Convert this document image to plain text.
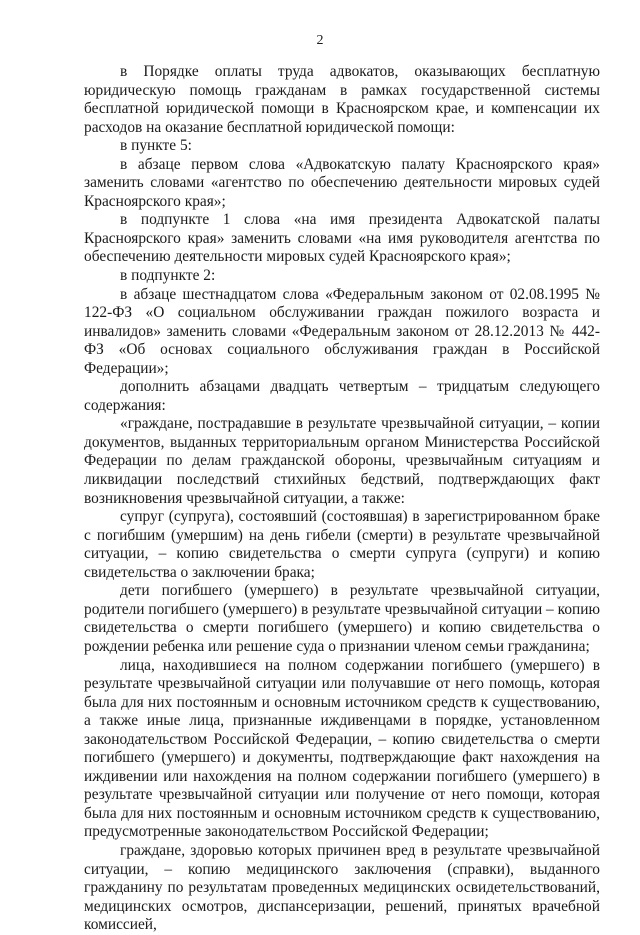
2

в Порядке оплаты труда адвокатов, оказывающих бесплатную юридическую помощь гражданам в рамках государственной системы бесплатной юридической помощи в Красноярском крае, и компенсации их расходов на оказание бесплатной юридической помощи:

в пункте 5:

в абзаце первом слова «Адвокатскую палату Красноярского края» заменить словами «агентство по обеспечению деятельности мировых судей Красноярского края»;

в подпункте 1 слова «на имя президента Адвокатской палаты Красноярского края» заменить словами «на имя руководителя агентства по обеспечению деятельности мировых судей Красноярского края»;

в подпункте 2:

в абзаце шестнадцатом слова «Федеральным законом от 02.08.1995 № 122-ФЗ «О социальном обслуживании граждан пожилого возраста и инвалидов» заменить словами «Федеральным законом от 28.12.2013 № 442-ФЗ «Об основах социального обслуживания граждан в Российской Федерации»;

дополнить абзацами двадцать четвертым – тридцатым следующего содержания:

«граждане, пострадавшие в результате чрезвычайной ситуации, – копии документов, выданных территориальным органом Министерства Российской Федерации по делам гражданской обороны, чрезвычайным ситуациям и ликвидации последствий стихийных бедствий, подтверждающих факт возникновения чрезвычайной ситуации, а также:

супруг (супруга), состоявший (состоявшая) в зарегистрированном браке с погибшим (умершим) на день гибели (смерти) в результате чрезвычайной ситуации, – копию свидетельства о смерти супруга (супруги) и копию свидетельства о заключении брака;

дети погибшего (умершего) в результате чрезвычайной ситуации, родители погибшего (умершего) в результате чрезвычайной ситуации – копию свидетельства о смерти погибшего (умершего) и копию свидетельства о рождении ребенка или решение суда о признании членом семьи гражданина;

лица, находившиеся на полном содержании погибшего (умершего) в результате чрезвычайной ситуации или получавшие от него помощь, которая была для них постоянным и основным источником средств к существованию, а также иные лица, признанные иждивенцами в порядке, установленном законодательством Российской Федерации, – копию свидетельства о смерти погибшего (умершего) и документы, подтверждающие факт нахождения на иждивении или нахождения на полном содержании погибшего (умершего) в результате чрезвычайной ситуации или получение от него помощи, которая была для них постоянным и основным источником средств к существованию, предусмотренные законодательством Российской Федерации;

граждане, здоровью которых причинен вред в результате чрезвычайной ситуации, – копию медицинского заключения (справки), выданного гражданину по результатам проведенных медицинских освидетельствований, медицинских осмотров, диспансеризации, решений, принятых врачебной комиссией,
